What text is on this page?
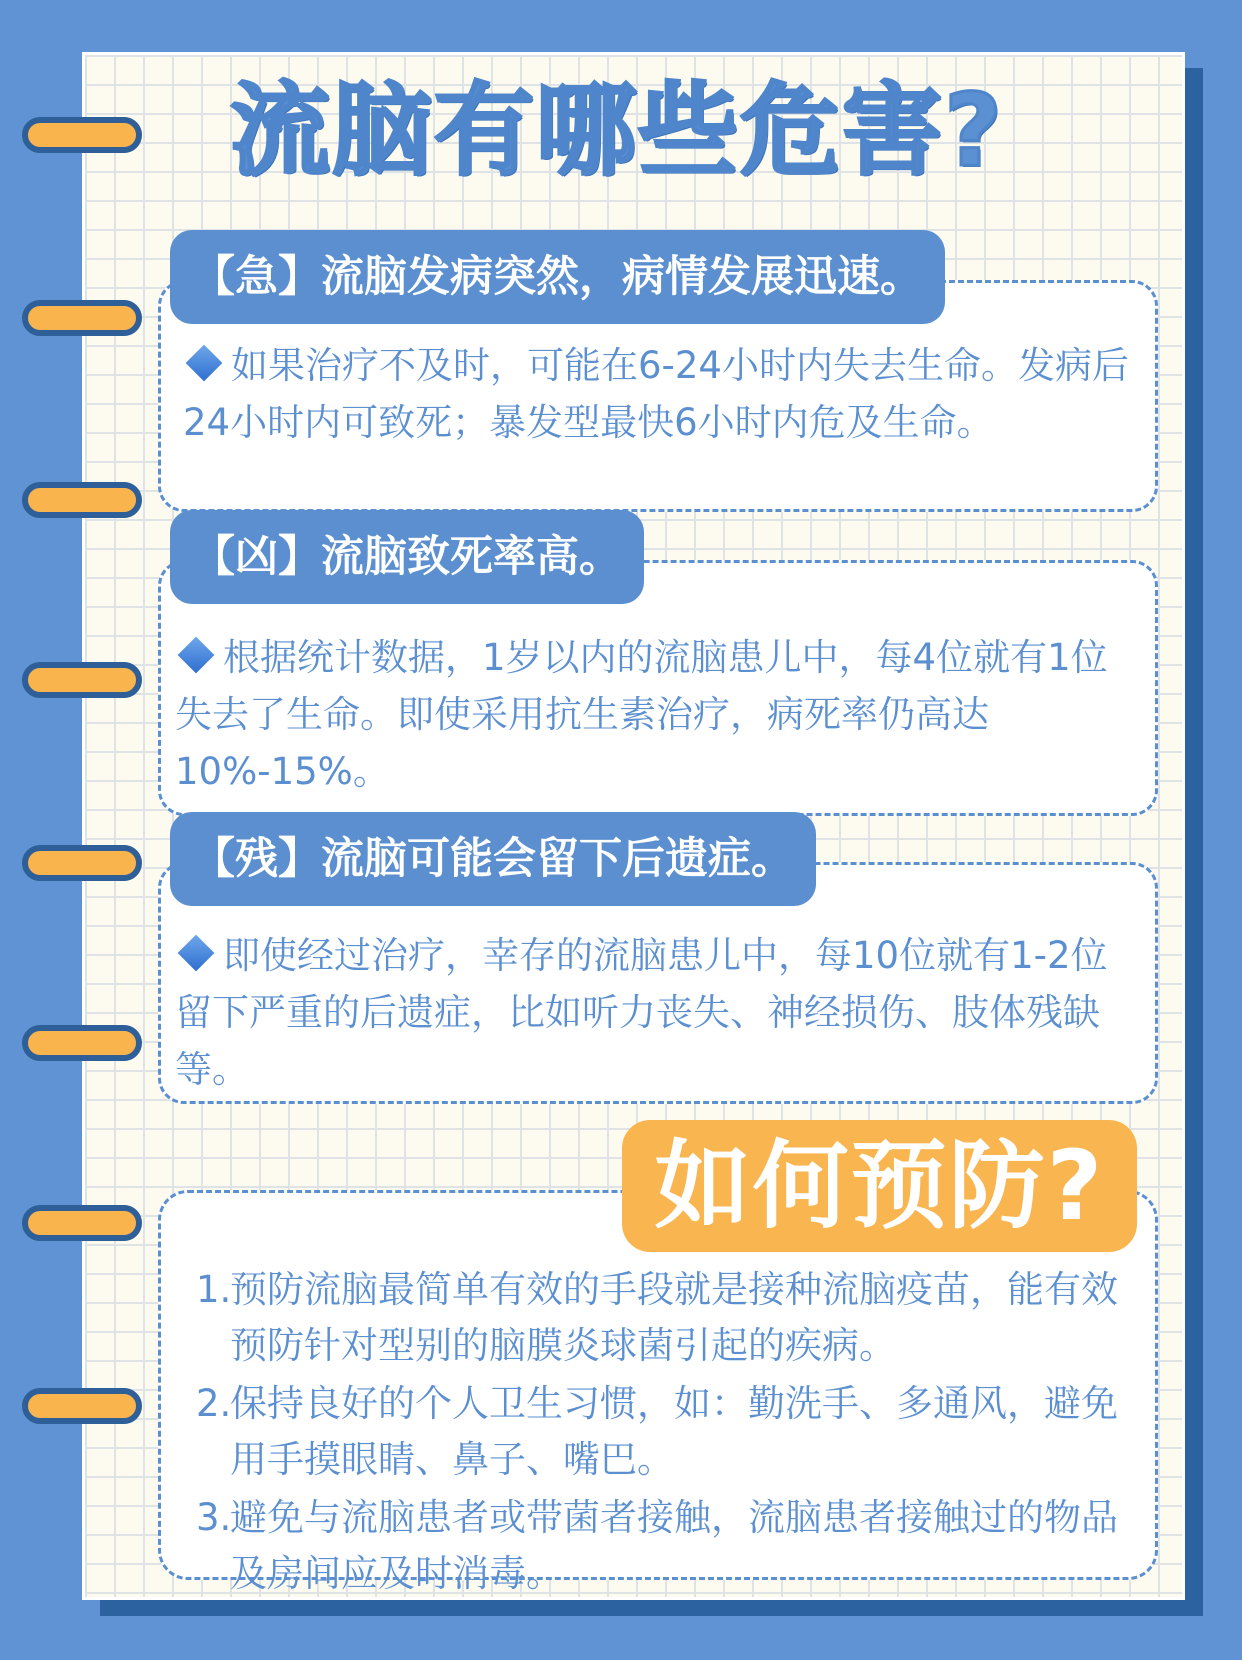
流脑有哪些危害?
如果治疗不及时，可能在6-24小时内失去生命。发病后24小时内可致死；暴发型最快6小时内危及生命。
【急】流脑发病突然，病情发展迅速。
根据统计数据，1岁以内的流脑患儿中，每4位就有1位失去了生命。即使采用抗生素治疗，病死率仍高达10%-15%。
【凶】流脑致死率高。
即使经过治疗，幸存的流脑患儿中，每10位就有1-2位留下严重的后遗症，比如听力丧失、神经损伤、肢体残缺等。
【残】流脑可能会留下后遗症。
如何预防?
1.
预防流脑最简单有效的手段就是接种流脑疫苗，能有效预防针对型别的脑膜炎球菌引起的疾病。
2.
保持良好的个人卫生习惯，如：勤洗手、多通风，避免用手摸眼睛、鼻子、嘴巴。
3.
避免与流脑患者或带菌者接触，流脑患者接触过的物品及房间应及时消毒。
